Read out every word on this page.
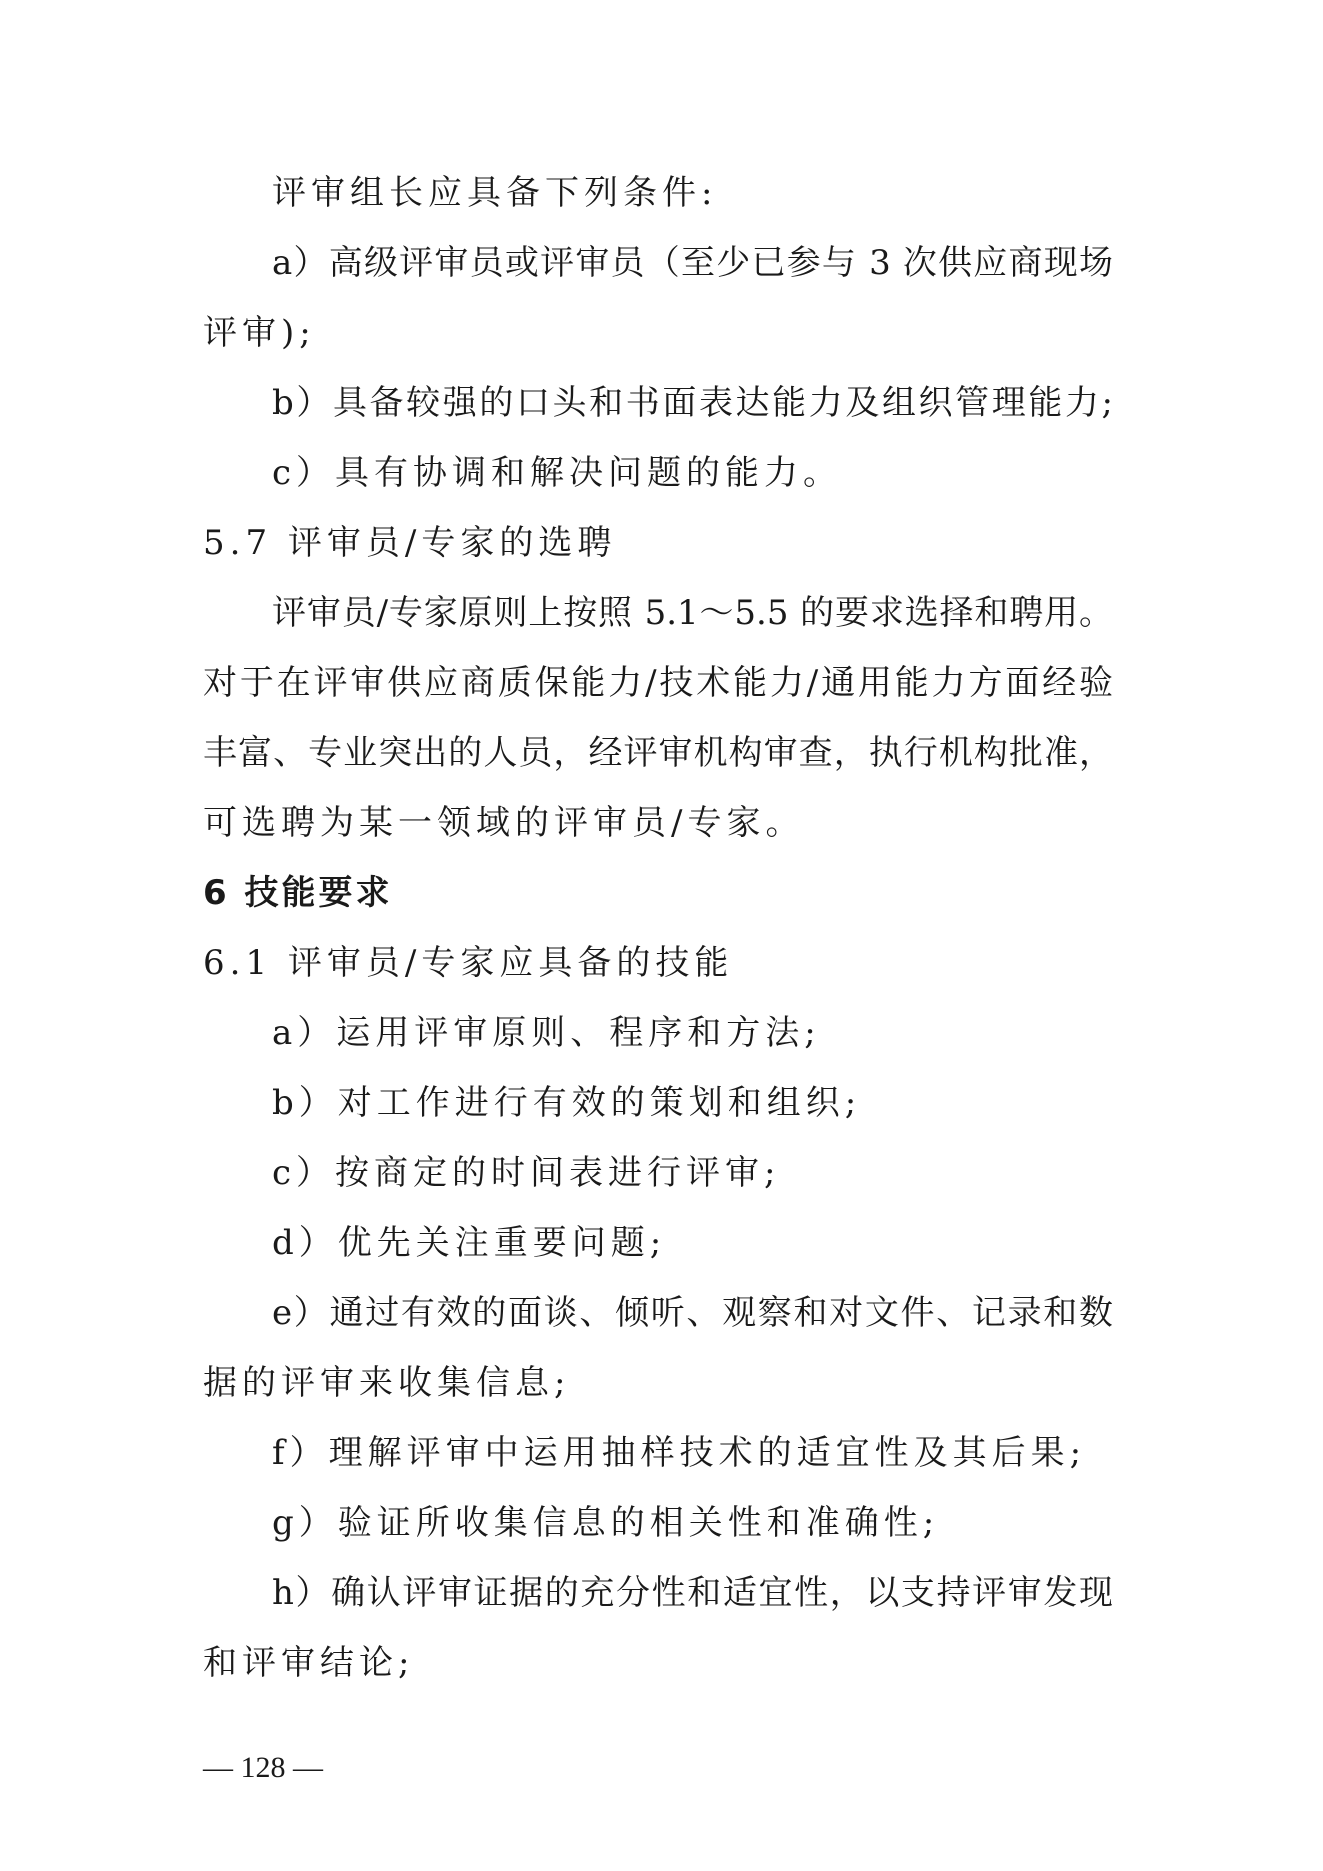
评审组长应具备下列条件:
a）高级评审员或评审员（至少已参与 3 次供应商现场
评审);
b）具备较强的口头和书面表达能力及组织管理能力;
c）具有协调和解决问题的能力。
5.7 评审员/专家的选聘
评审员/专家原则上按照 5.1～5.5 的要求选择和聘用。
对于在评审供应商质保能力/技术能力/通用能力方面经验
丰富、专业突出的人员，经评审机构审查，执行机构批准，
可选聘为某一领域的评审员/专家。
6 技能要求
6.1 评审员/专家应具备的技能
a）运用评审原则、程序和方法;
b）对工作进行有效的策划和组织;
c）按商定的时间表进行评审;
d）优先关注重要问题;
e）通过有效的面谈、倾听、观察和对文件、记录和数
据的评审来收集信息;
f）理解评审中运用抽样技术的适宜性及其后果;
g）验证所收集信息的相关性和准确性;
h）确认评审证据的充分性和适宜性，以支持评审发现
和评审结论;
— 128 —
